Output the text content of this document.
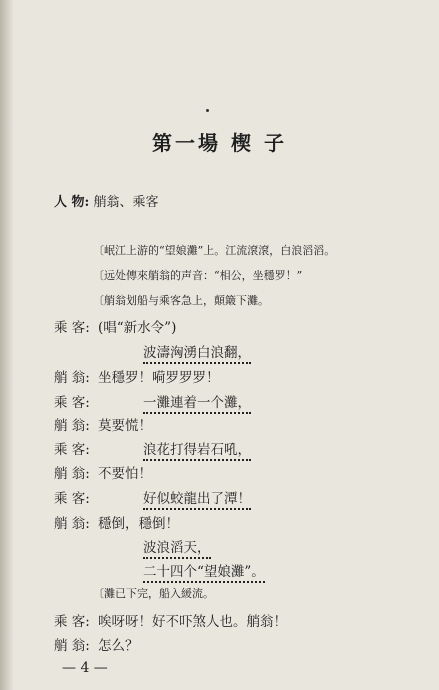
第一場 楔 子
人 物: 艄翁、乘客
〔岷江上游的“望娘灘”上。江流滾滾，白浪滔滔。
〔远处傳來艄翁的声音：“相公，坐穩罗！”
〔艄翁划船与乘客急上，顛簸下灘。
乘 客: (唱“新水令”)
波濤洶湧白浪翻，
艄 翁: 坐穩罗！嗬罗罗罗！
乘 客:	一灘連着一个灘，
艄 翁: 莫要慌！
乘 客:	浪花打得岩石吼，
艄 翁: 不要怕！
乘 客:	好似蛟龍出了潭！
艄 翁: 穩倒，穩倒！
波浪滔天，
二十四个“望娘灘”。
〔灘已下完，船入緩流。
乘 客: 唉呀呀！好不吓煞人也。艄翁！
艄 翁: 怎么？
— 4 —
